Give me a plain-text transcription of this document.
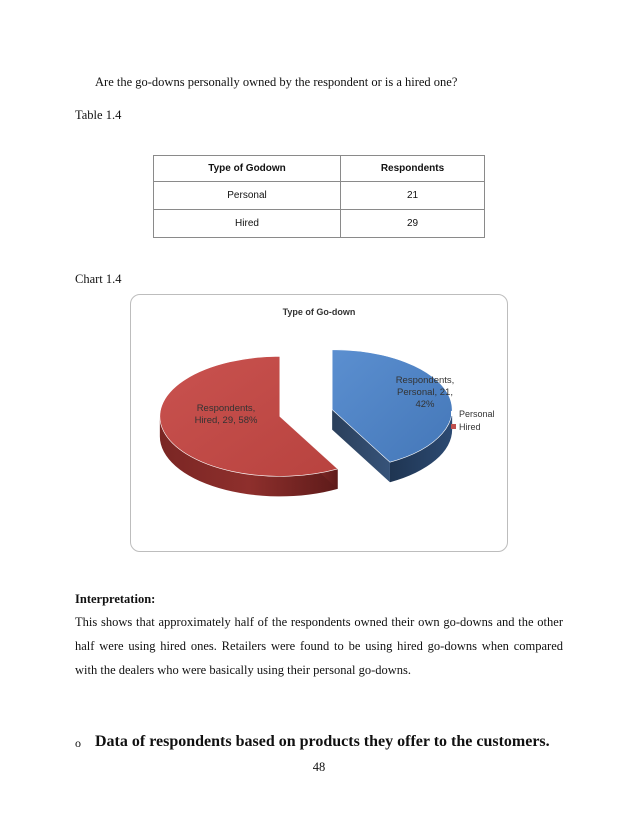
Are the go-downs personally owned by the respondent or is a hired one?
Table 1.4
Type of Godown	Respondents
Personal	21
Hired	29
Chart 1.4
Type of Go-down
Respondents,
Personal, 21,
42%
Respondents,
Hired, 29, 58%
Personal
Hired
Interpretation:
This shows that approximately half of the respondents owned their own go-downs and the other half were using hired ones. Retailers were found to be using hired go-downs when compared with the dealers who were basically using their personal go-downs.
o Data of respondents based on products they offer to the customers.
48
